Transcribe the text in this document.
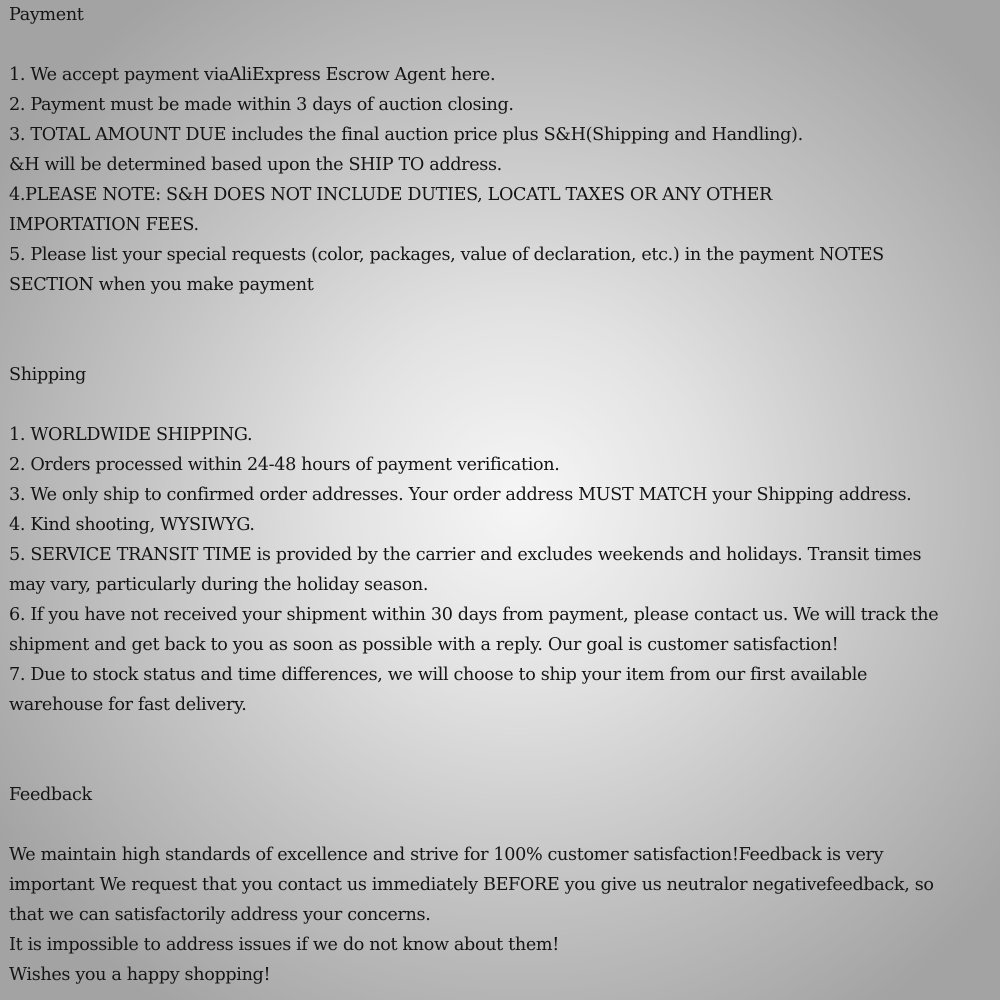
Payment
1. We accept payment viaAliExpress Escrow Agent here.
2. Payment must be made within 3 days of auction closing.
3. TOTAL AMOUNT DUE includes the final auction price plus S&H(Shipping and Handling).
&H will be determined based upon the SHIP TO address.
4.PLEASE NOTE: S&H DOES NOT INCLUDE DUTIES, LOCATL TAXES OR ANY OTHER
IMPORTATION FEES.
5. Please list your special requests (color, packages, value of declaration, etc.) in the payment NOTES
SECTION when you make payment
Shipping
1. WORLDWIDE SHIPPING.
2. Orders processed within 24-48 hours of payment verification.
3. We only ship to confirmed order addresses. Your order address MUST MATCH your Shipping address.
4. Kind shooting, WYSIWYG.
5. SERVICE TRANSIT TIME is provided by the carrier and excludes weekends and holidays. Transit times
may vary, particularly during the holiday season.
6. If you have not received your shipment within 30 days from payment, please contact us. We will track the
shipment and get back to you as soon as possible with a reply. Our goal is customer satisfaction!
7. Due to stock status and time differences, we will choose to ship your item from our first available
warehouse for fast delivery.
Feedback
We maintain high standards of excellence and strive for 100% customer satisfaction!Feedback is very
important We request that you contact us immediately BEFORE you give us neutralor negativefeedback, so
that we can satisfactorily address your concerns.
It is impossible to address issues if we do not know about them!
Wishes you a happy shopping!
